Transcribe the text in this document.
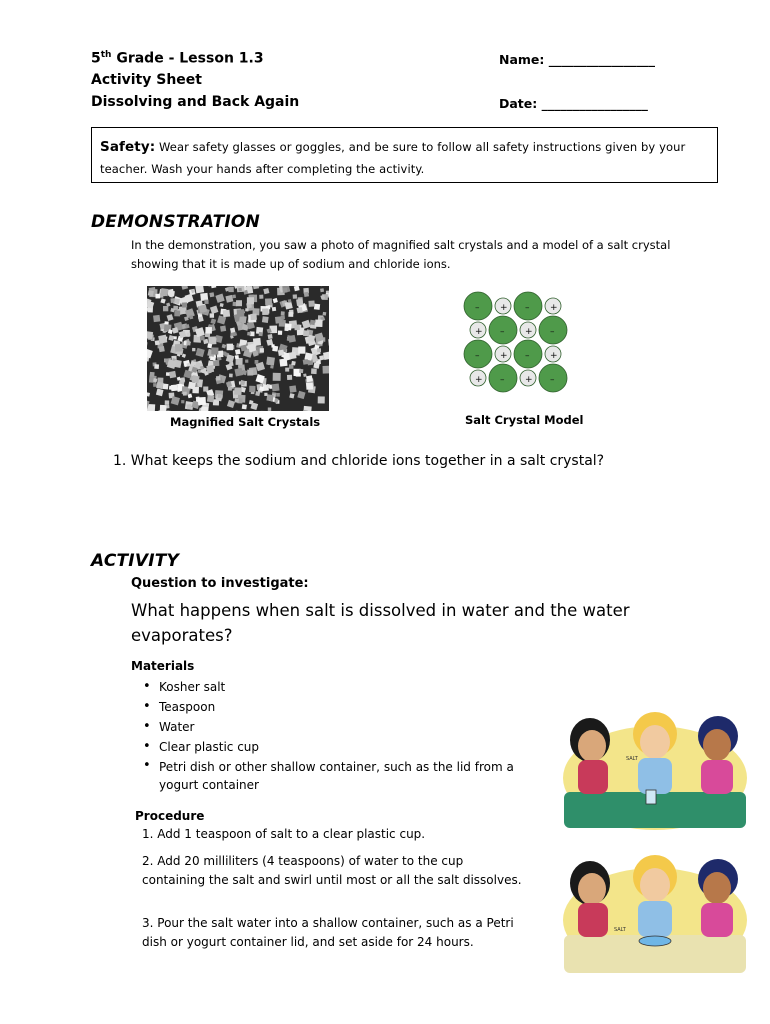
5th Grade - Lesson 1.3
Activity Sheet
Dissolving and Back Again
Name: _________________
Date: _________________
Safety: Wear safety glasses or goggles, and be sure to follow all safety instructions given by your teacher. Wash your hands after completing the activity.
DEMONSTRATION
In the demonstration, you saw a photo of magnified salt crystals and a model of a salt crystal showing that it is made up of sodium and chloride ions.
Magnified Salt Crystals
– + – +
+ – + –
– + – +
+ – + –
Salt Crystal Model
1. What keeps the sodium and chloride ions together in a salt crystal?
ACTIVITY
Question to investigate:
What happens when salt is dissolved in water and the water evaporates?
Materials
• Kosher salt
• Teaspoon
• Water
• Clear plastic cup
• Petri dish or other shallow container, such as the lid from a yogurt container
Procedure
1. Add 1 teaspoon of salt to a clear plastic cup.
2. Add 20 milliliters (4 teaspoons) of water to the cup containing the salt and swirl until most or all the salt dissolves.
3. Pour the salt water into a shallow container, such as a Petri dish or yogurt container lid, and set aside for 24 hours.
SALT
SALT
